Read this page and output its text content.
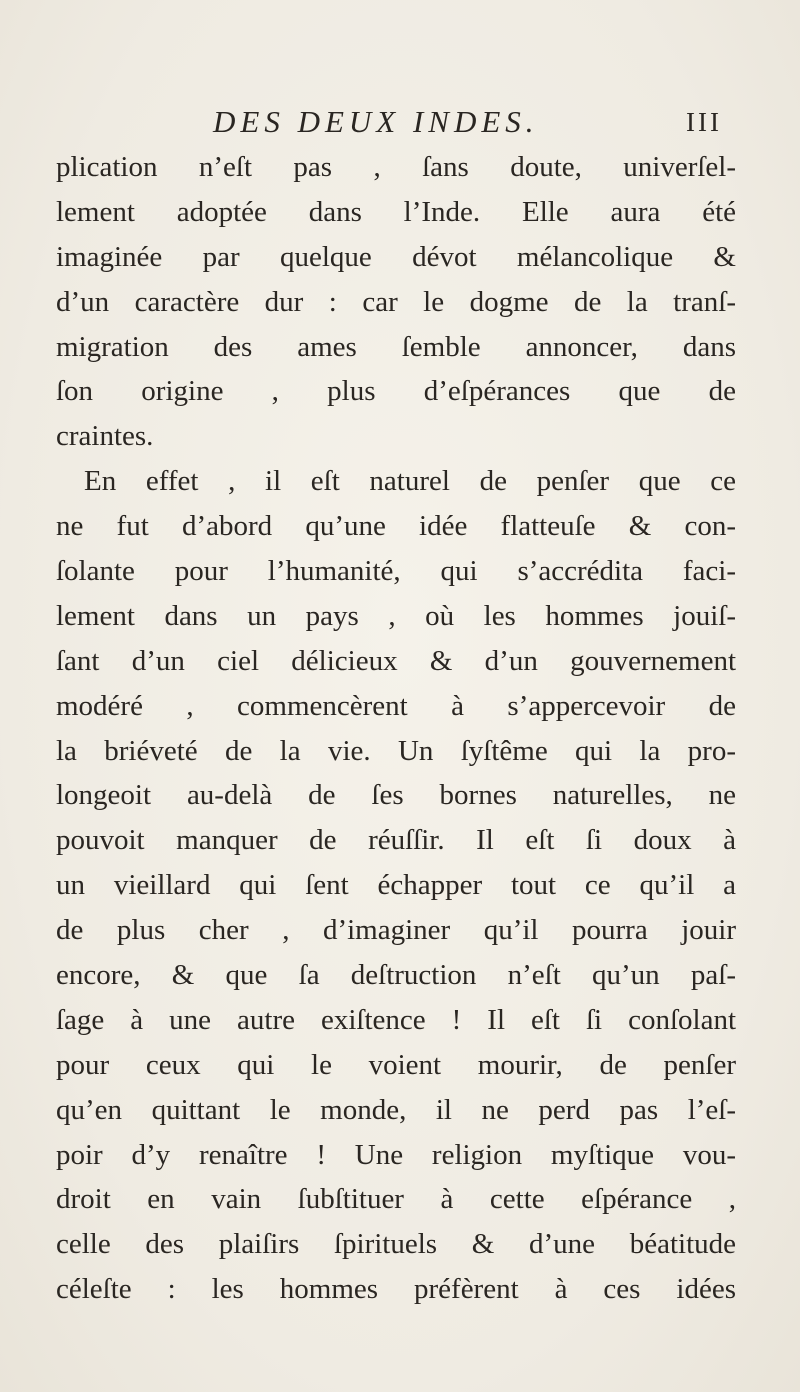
DES DEUX INDES.	III
plication n’eſt pas , ſans doute, univerſel-
lement adoptée dans l’Inde. Elle aura été
imaginée par quelque dévot mélancolique &
d’un caractère dur : car le dogme de la tranſ-
migration des ames ſemble annoncer, dans
ſon origine , plus d’eſpérances que de
craintes.
En effet , il eſt naturel de penſer que ce
ne fut d’abord qu’une idée flatteuſe & con-
ſolante pour l’humanité, qui s’accrédita faci-
lement dans un pays , où les hommes jouiſ-
ſant d’un ciel délicieux & d’un gouvernement
modéré , commencèrent à s’appercevoir de
la briéveté de la vie. Un ſyſtême qui la pro-
longeoit au-delà de ſes bornes naturelles, ne
pouvoit manquer de réuſſir. Il eſt ſi doux à
un vieillard qui ſent échapper tout ce qu’il a
de plus cher , d’imaginer qu’il pourra jouir
encore, & que ſa deſtruction n’eſt qu’un paſ-
ſage à une autre exiſtence ! Il eſt ſi conſolant
pour ceux qui le voient mourir, de penſer
qu’en quittant le monde, il ne perd pas l’eſ-
poir d’y renaître ! Une religion myſtique vou-
droit en vain ſubſtituer à cette eſpérance ,
celle des plaiſirs ſpirituels & d’une béatitude
céleſte : les hommes préfèrent à ces idées
